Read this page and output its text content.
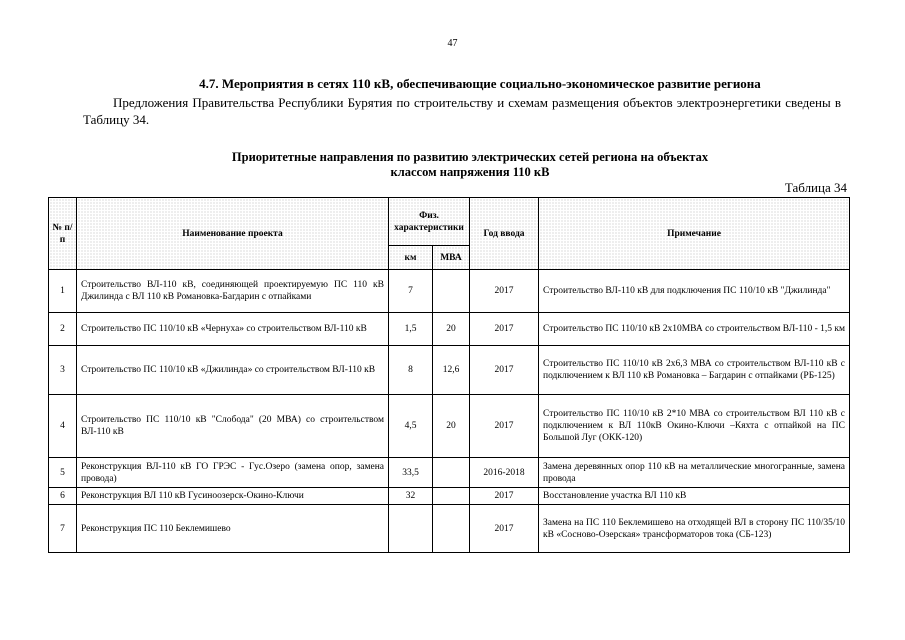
47
4.7. Мероприятия в сетях 110 кВ, обеспечивающие социально-экономическое развитие региона
Предложения Правительства Республики Бурятия по строительству и схемам размещения объектов электроэнергетики сведены в Таблицу 34.
Приоритетные направления по развитию электрических сетей региона на объектах
классом напряжения 110 кВ
Таблица 34
№ п/п	Наименование проекта	Физ. характеристики		Год ввода	Примечание
		км	МВА		
1	Строительство ВЛ-110 кВ, соединяющей проектируемую ПС 110 кВ Джилинда с ВЛ 110 кВ Романовка-Багдарин с отпайками	7		2017	Строительство ВЛ-110 кВ для подключения ПС 110/10 кВ "Джилинда"
2	Строительство ПС 110/10 кВ «Чернуха» со строительством ВЛ-110 кВ	1,5	20	2017	Строительство ПС 110/10 кВ 2х10МВА со строительством ВЛ-110 - 1,5 км
3	Строительство ПС 110/10 кВ «Джилинда» со строительством ВЛ-110 кВ	8	12,6	2017	Строительство ПС 110/10 кВ 2х6,3 МВА со строительством ВЛ-110 кВ с подключением к ВЛ 110 кВ Романовка – Багдарин с отпайками (РБ-125)
4	Строительство ПС 110/10 кВ "Слобода" (20 МВА) со строительством ВЛ-110 кВ	4,5	20	2017	Строительство ПС 110/10 кВ 2*10 МВА со строительством ВЛ 110 кВ с подключением к ВЛ 110кВ Окино-Ключи –Кяхта с отпайкой на ПС Большой Луг (ОКК-120)
5	Реконструкция ВЛ-110 кВ ГО ГРЭС - Гус.Озеро (замена опор, замена провода)	33,5		2016-2018	Замена деревянных опор 110 кВ на металлические многогранные, замена провода
6	Реконструкция ВЛ 110 кВ Гусиноозерск-Окино-Ключи	32		2017	Восстановление участка ВЛ 110 кВ
7	Реконструкция ПС 110 Беклемишево			2017	Замена на ПС 110 Беклемишево на отходящей ВЛ в сторону ПС 110/35/10 кВ «Сосново-Озерская» трансформаторов тока (СБ-123)
